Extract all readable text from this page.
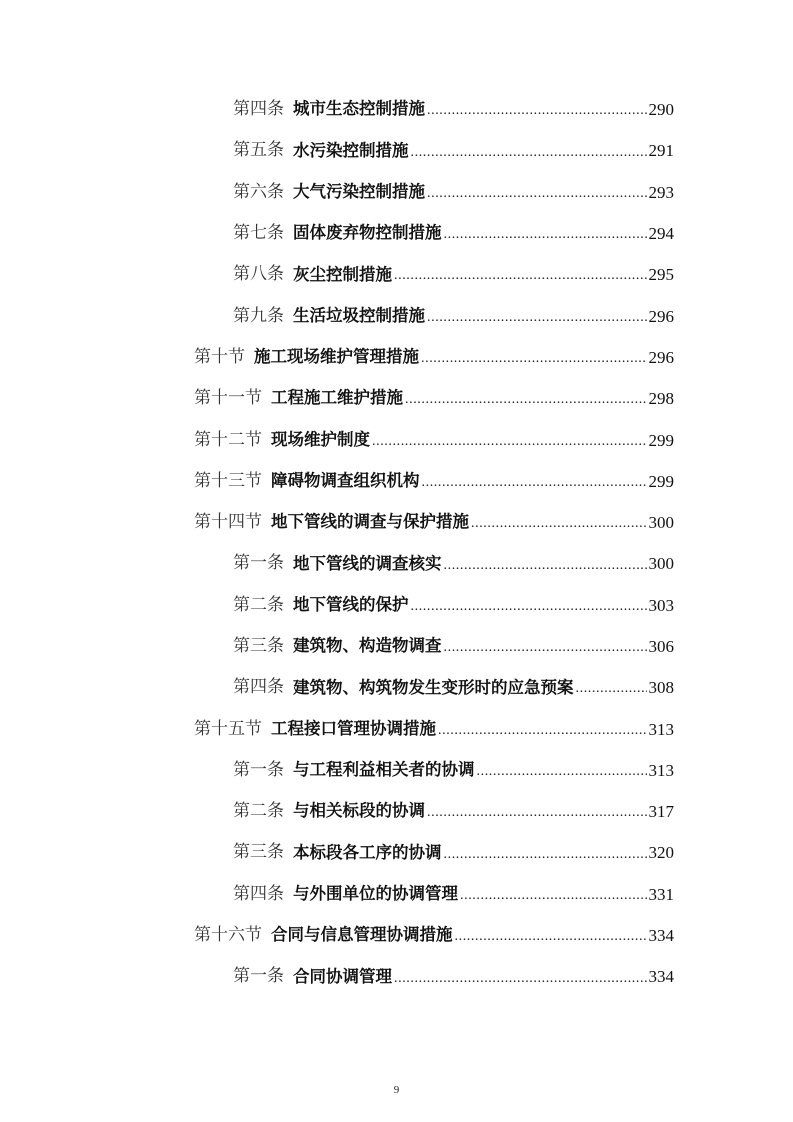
第四条 城市生态控制措施 .....	290
第五条 水污染控制措施 .....	291
第六条 大气污染控制措施 .....	293
第七条 固体废弃物控制措施 .....	294
第八条 灰尘控制措施 .....	295
第九条 生活垃圾控制措施 .....	296
第十节 施工现场维护管理措施 .....	296
第十一节 工程施工维护措施 .....	298
第十二节 现场维护制度 .....	299
第十三节 障碍物调查组织机构 .....	299
第十四节 地下管线的调查与保护措施 .....	300
第一条 地下管线的调查核实 .....	300
第二条 地下管线的保护 .....	303
第三条 建筑物、构造物调查 .....	306
第四条 建筑物、构筑物发生变形时的应急预案 .....	308
第十五节 工程接口管理协调措施 .....	313
第一条 与工程利益相关者的协调 .....	313
第二条 与相关标段的协调 .....	317
第三条 本标段各工序的协调 .....	320
第四条 与外围单位的协调管理 .....	331
第十六节 合同与信息管理协调措施 .....	334
第一条 合同协调管理 .....	334
9
